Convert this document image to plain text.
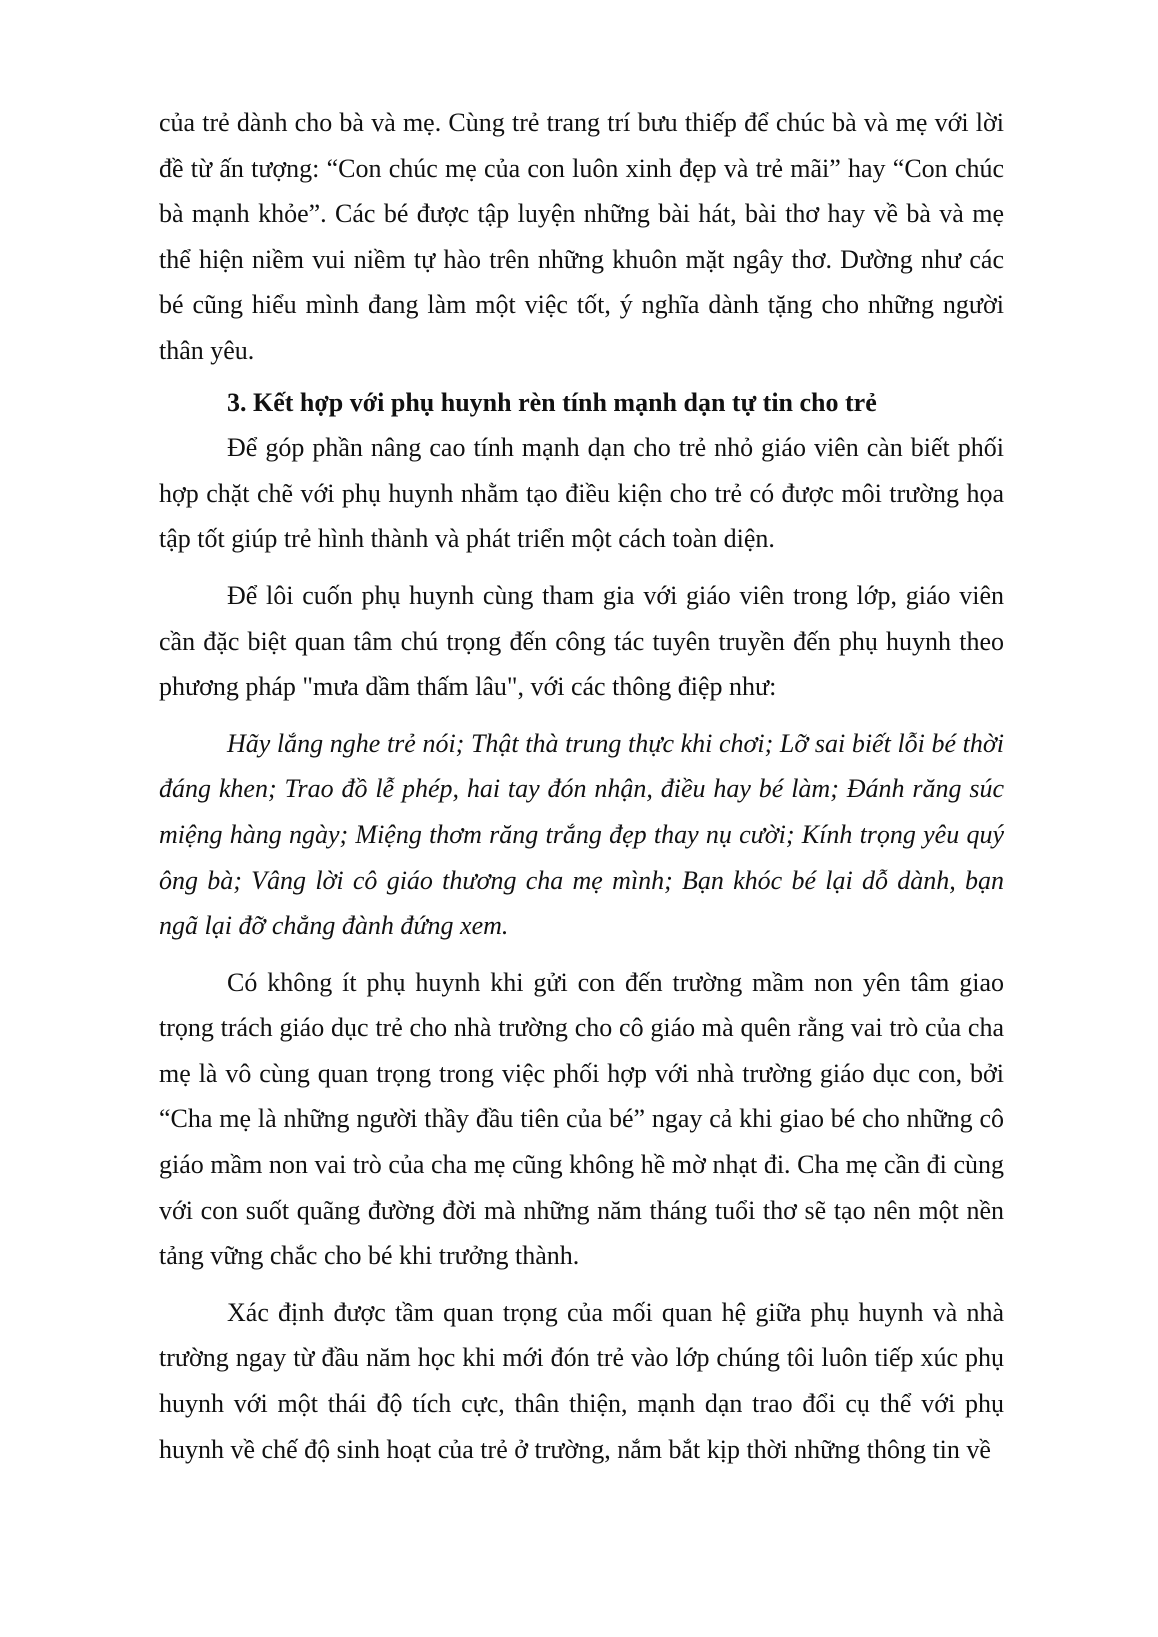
của trẻ dành cho bà và mẹ. Cùng trẻ trang trí bưu thiếp để chúc bà và mẹ với lời đề từ ấn tượng: “Con chúc mẹ của con luôn xinh đẹp và trẻ mãi” hay “Con chúc bà mạnh khỏe”. Các bé được tập luyện những bài hát, bài thơ hay về bà và mẹ thể hiện niềm vui niềm tự hào trên những khuôn mặt ngây thơ. Dường như các bé cũng hiểu mình đang làm một việc tốt, ý nghĩa dành tặng cho những người thân yêu.

3. Kết hợp với phụ huynh rèn tính mạnh dạn tự tin cho trẻ

Để góp phần nâng cao tính mạnh dạn cho trẻ nhỏ giáo viên càn biết phối hợp chặt chẽ với phụ huynh nhằm tạo điều kiện cho trẻ có được môi trường họa tập tốt giúp trẻ hình thành và phát triển một cách toàn diện.

Để lôi cuốn phụ huynh cùng tham gia với giáo viên trong lớp, giáo viên cần đặc biệt quan tâm chú trọng đến công tác tuyên truyền đến phụ huynh theo phương pháp "mưa dầm thấm lâu", với các thông điệp như:

Hãy lắng nghe trẻ nói; Thật thà trung thực khi chơi; Lỡ sai biết lỗi bé thời đáng khen; Trao đồ lễ phép, hai tay đón nhận, điều hay bé làm; Đánh răng súc miệng hàng ngày; Miệng thơm răng trắng đẹp thay nụ cười; Kính trọng yêu quý ông bà; Vâng lời cô giáo thương cha mẹ mình; Bạn khóc bé lại dỗ dành, bạn ngã lại đỡ chẳng đành đứng xem.

Có không ít phụ huynh khi gửi con đến trường mầm non yên tâm giao trọng trách giáo dục trẻ cho nhà trường cho cô giáo mà quên rằng vai trò của cha mẹ là vô cùng quan trọng trong việc phối hợp với nhà trường giáo dục con, bởi “Cha mẹ là những người thầy đầu tiên của bé” ngay cả khi giao bé cho những cô giáo mầm non vai trò của cha mẹ cũng không hề mờ nhạt đi. Cha mẹ cần đi cùng với con suốt quãng đường đời mà những năm tháng tuổi thơ sẽ tạo nên một nền tảng vững chắc cho bé khi trưởng thành.

Xác định được tầm quan trọng của mối quan hệ giữa phụ huynh và nhà trường ngay từ đầu năm học khi mới đón trẻ vào lớp chúng tôi luôn tiếp xúc phụ huynh với một thái độ tích cực, thân thiện, mạnh dạn trao đổi cụ thể với phụ huynh về chế độ sinh hoạt của trẻ ở trường, nắm bắt kịp thời những thông tin về
